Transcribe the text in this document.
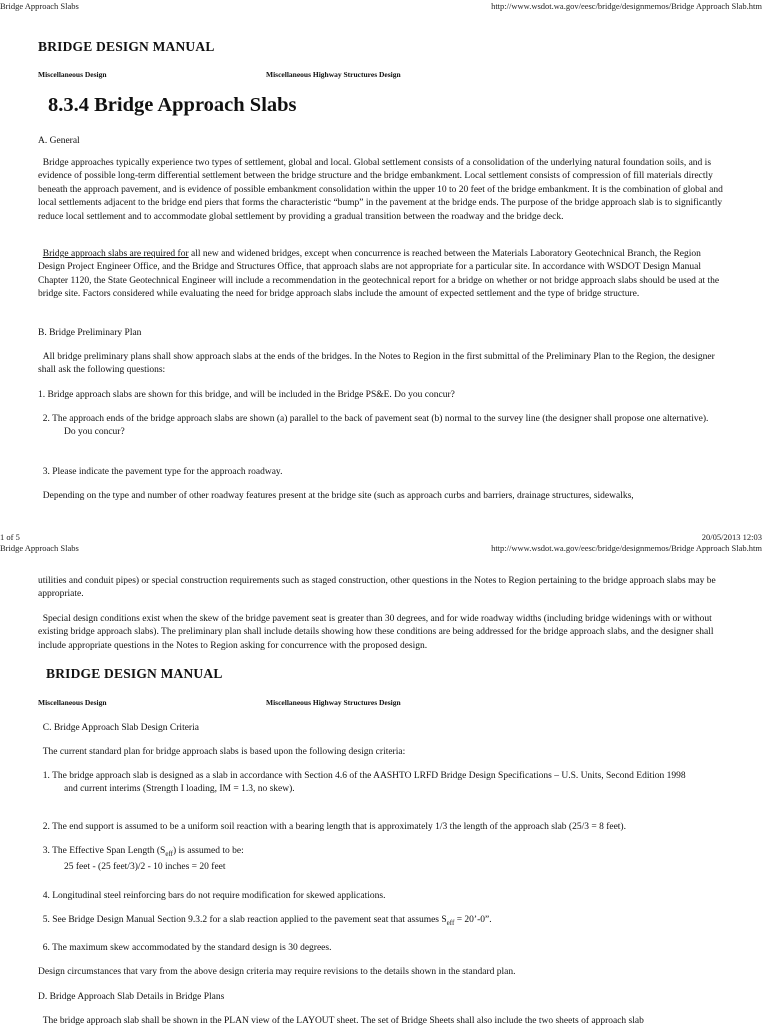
Bridge Approach Slabs	http://www.wsdot.wa.gov/eesc/bridge/designmemos/Bridge Approach Slab.htm
BRIDGE DESIGN MANUAL
Miscellaneous Design	Miscellaneous Highway Structures Design
8.3.4 Bridge Approach Slabs
A. General
Bridge approaches typically experience two types of settlement, global and local. Global settlement consists of a consolidation of the underlying natural foundation soils, and is evidence of possible long-term differential settlement between the bridge structure and the bridge embankment. Local settlement consists of compression of fill materials directly beneath the approach pavement, and is evidence of possible embankment consolidation within the upper 10 to 20 feet of the bridge embankment. It is the combination of global and local settlements adjacent to the bridge end piers that forms the characteristic “bump” in the pavement at the bridge ends. The purpose of the bridge approach slab is to significantly reduce local settlement and to accommodate global settlement by providing a gradual transition between the roadway and the bridge deck.
Bridge approach slabs are required for all new and widened bridges, except when concurrence is reached between the Materials Laboratory Geotechnical Branch, the Region Design Project Engineer Office, and the Bridge and Structures Office, that approach slabs are not appropriate for a particular site. In accordance with WSDOT Design Manual Chapter 1120, the State Geotechnical Engineer will include a recommendation in the geotechnical report for a bridge on whether or not bridge approach slabs should be used at the bridge site. Factors considered while evaluating the need for bridge approach slabs include the amount of expected settlement and the type of bridge structure.
B. Bridge Preliminary Plan
All bridge preliminary plans shall show approach slabs at the ends of the bridges. In the Notes to Region in the first submittal of the Preliminary Plan to the Region, the designer shall ask the following questions:
1. Bridge approach slabs are shown for this bridge, and will be included in the Bridge PS&E. Do you concur?
2. The approach ends of the bridge approach slabs are shown (a) parallel to the back of pavement seat (b) normal to the survey line (the designer shall propose one alternative).
Do you concur?
3. Please indicate the pavement type for the approach roadway.
Depending on the type and number of other roadway features present at the bridge site (such as approach curbs and barriers, drainage structures, sidewalks,
1 of 5	20/05/2013 12:03
Bridge Approach Slabs	http://www.wsdot.wa.gov/eesc/bridge/designmemos/Bridge Approach Slab.htm
utilities and conduit pipes) or special construction requirements such as staged construction, other questions in the Notes to Region pertaining to the bridge approach slabs may be appropriate.
Special design conditions exist when the skew of the bridge pavement seat is greater than 30 degrees, and for wide roadway widths (including bridge widenings with or without existing bridge approach slabs). The preliminary plan shall include details showing how these conditions are being addressed for the bridge approach slabs, and the designer shall include appropriate questions in the Notes to Region asking for concurrence with the proposed design.
BRIDGE DESIGN MANUAL
Miscellaneous Design	Miscellaneous Highway Structures Design
C. Bridge Approach Slab Design Criteria
The current standard plan for bridge approach slabs is based upon the following design criteria:
1. The bridge approach slab is designed as a slab in accordance with Section 4.6 of the AASHTO LRFD Bridge Design Specifications – U.S. Units, Second Edition 1998
and current interims (Strength I loading, IM = 1.3, no skew).
2. The end support is assumed to be a uniform soil reaction with a bearing length that is approximately 1/3 the length of the approach slab (25/3 = 8 feet).
3. The Effective Span Length $(S_{eff})$ is assumed to be:
25 feet - (25 feet/3)/2 - 10 inches = 20 feet
4. Longitudinal steel reinforcing bars do not require modification for skewed applications.
5. See Bridge Design Manual Section 9.3.2 for a slab reaction applied to the pavement seat that assumes $S_{eff}$ = 20’-0”.
6. The maximum skew accommodated by the standard design is 30 degrees.
Design circumstances that vary from the above design criteria may require revisions to the details shown in the standard plan.
D. Bridge Approach Slab Details in Bridge Plans
The bridge approach slab shall be shown in the PLAN view of the LAYOUT sheet. The set of Bridge Sheets shall also include the two sheets of approach slab
